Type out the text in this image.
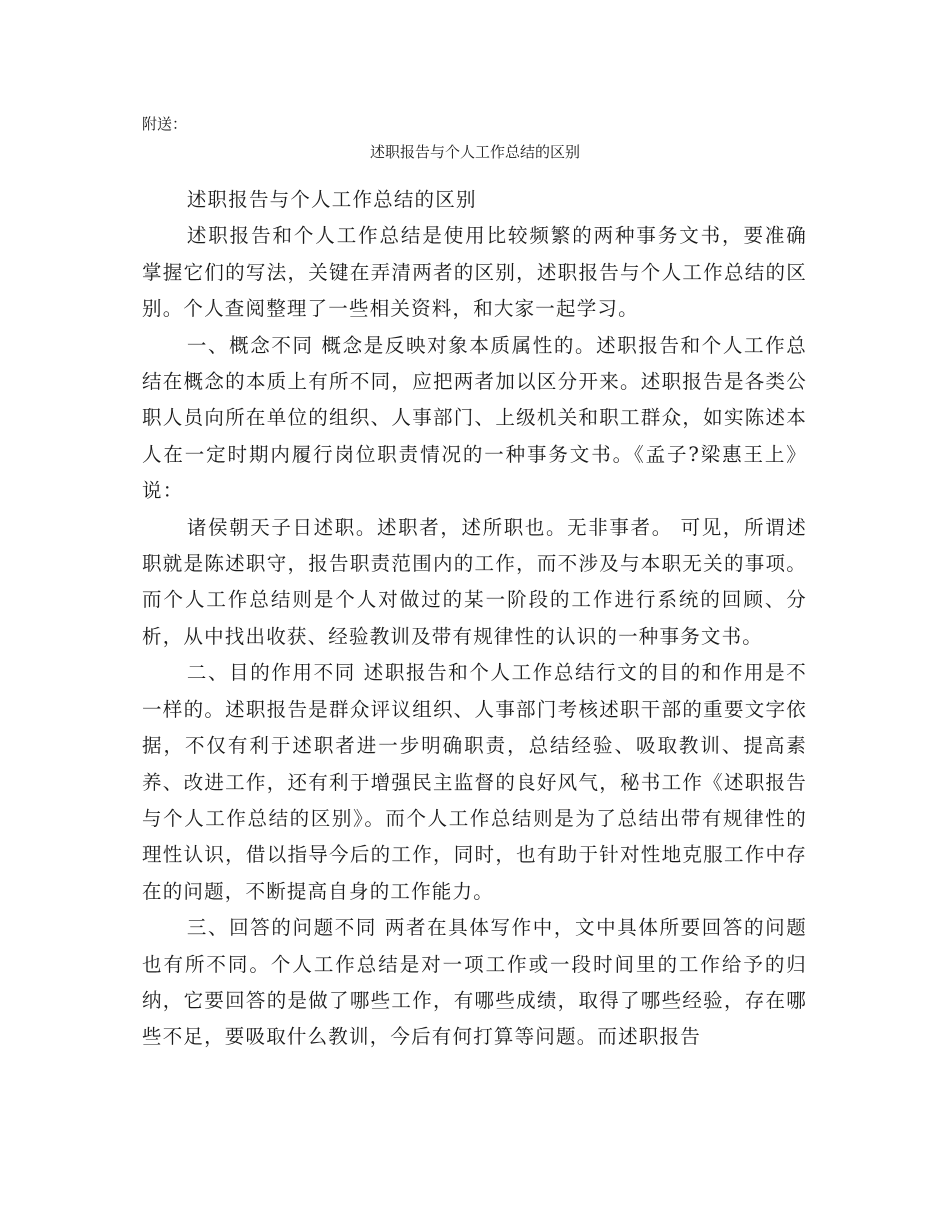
附送：
述职报告与个人工作总结的区别

述职报告与个人工作总结的区别

述职报告和个人工作总结是使用比较频繁的两种事务文书，要准确掌握它们的写法，关键在弄清两者的区别，述职报告与个人工作总结的区别。个人查阅整理了一些相关资料，和大家一起学习。

一、概念不同 概念是反映对象本质属性的。述职报告和个人工作总结在概念的本质上有所不同，应把两者加以区分开来。述职报告是各类公职人员向所在单位的组织、人事部门、上级机关和职工群众，如实陈述本人在一定时期内履行岗位职责情况的一种事务文书。《孟子?梁惠王上》说：

诸侯朝天子日述职。述职者，述所职也。无非事者。 可见，所谓述职就是陈述职守，报告职责范围内的工作，而不涉及与本职无关的事项。而个人工作总结则是个人对做过的某一阶段的工作进行系统的回顾、分析，从中找出收获、经验教训及带有规律性的认识的一种事务文书。

二、目的作用不同 述职报告和个人工作总结行文的目的和作用是不一样的。述职报告是群众评议组织、人事部门考核述职干部的重要文字依据，不仅有利于述职者进一步明确职责，总结经验、吸取教训、提高素养、改进工作，还有利于增强民主监督的良好风气，秘书工作《述职报告与个人工作总结的区别》。而个人工作总结则是为了总结出带有规律性的理性认识，借以指导今后的工作，同时，也有助于针对性地克服工作中存在的问题，不断提高自身的工作能力。

三、回答的问题不同 两者在具体写作中，文中具体所要回答的问题也有所不同。个人工作总结是对一项工作或一段时间里的工作给予的归纳，它要回答的是做了哪些工作，有哪些成绩，取得了哪些经验，存在哪些不足，要吸取什么教训，今后有何打算等问题。而述职报告
